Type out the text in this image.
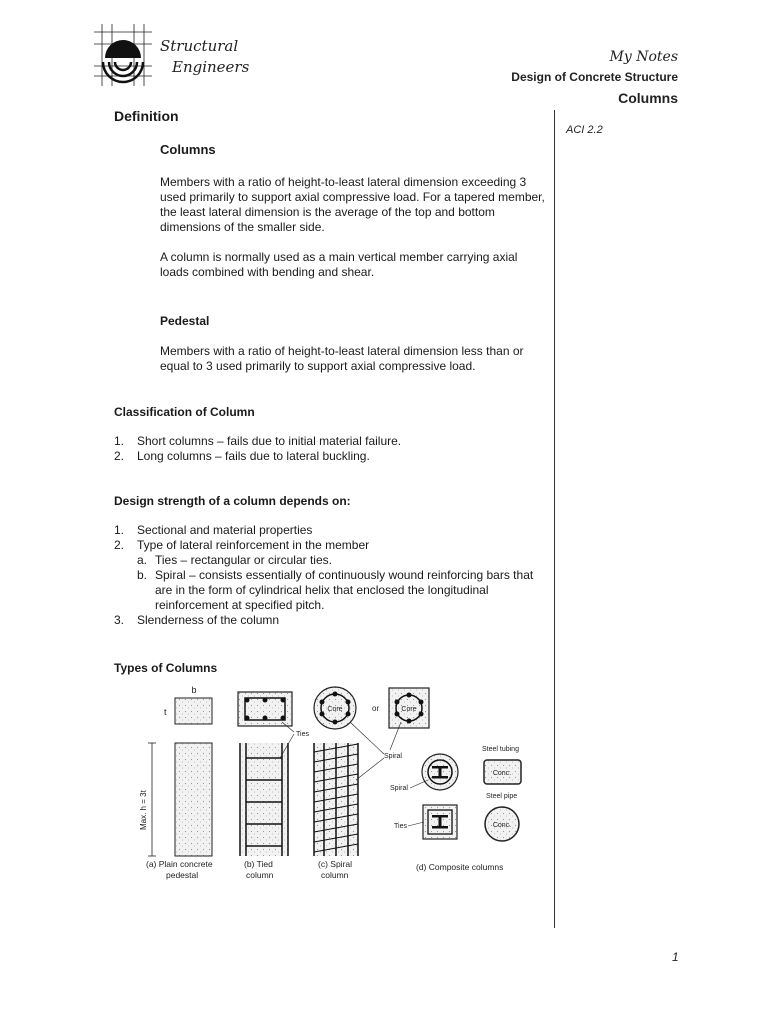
Structural
Engineers
My Notes
Design of Concrete Structure
Columns
ACI 2.2
1
Definition
Columns

Members with a ratio of height-to-least lateral dimension exceeding 3 used primarily to support axial compressive load. For a tapered member, the least lateral dimension is the average of the top and bottom dimensions of the smaller side.

A column is normally used as a main vertical member carrying axial loads combined with bending and shear.

Pedestal

Members with a ratio of height-to-least lateral dimension less than or equal to 3 used primarily to support axial compressive load.

Classification of Column
1. Short columns – fails due to initial material failure.
2. Long columns – fails due to lateral buckling.
Design strength of a column depends on:
1. Sectional and material properties
2. Type of lateral reinforcement in the member
a. Ties – rectangular or circular ties.
b. Spiral – consists essentially of continuously wound reinforcing bars that are in the form of cylindrical helix that enclosed the longitudinal reinforcement at specified pitch.
3. Slenderness of the column
Types of Columns
b
t
Max. h = 3t
Ties
Core	or	Core
Spiral
Spiral
Ties
Steel tubing
Conc.
Steel pipe
Conc.
(a) Plain concrete
pedestal
(b) Tied
column
(c) Spiral
column
(d) Composite columns
